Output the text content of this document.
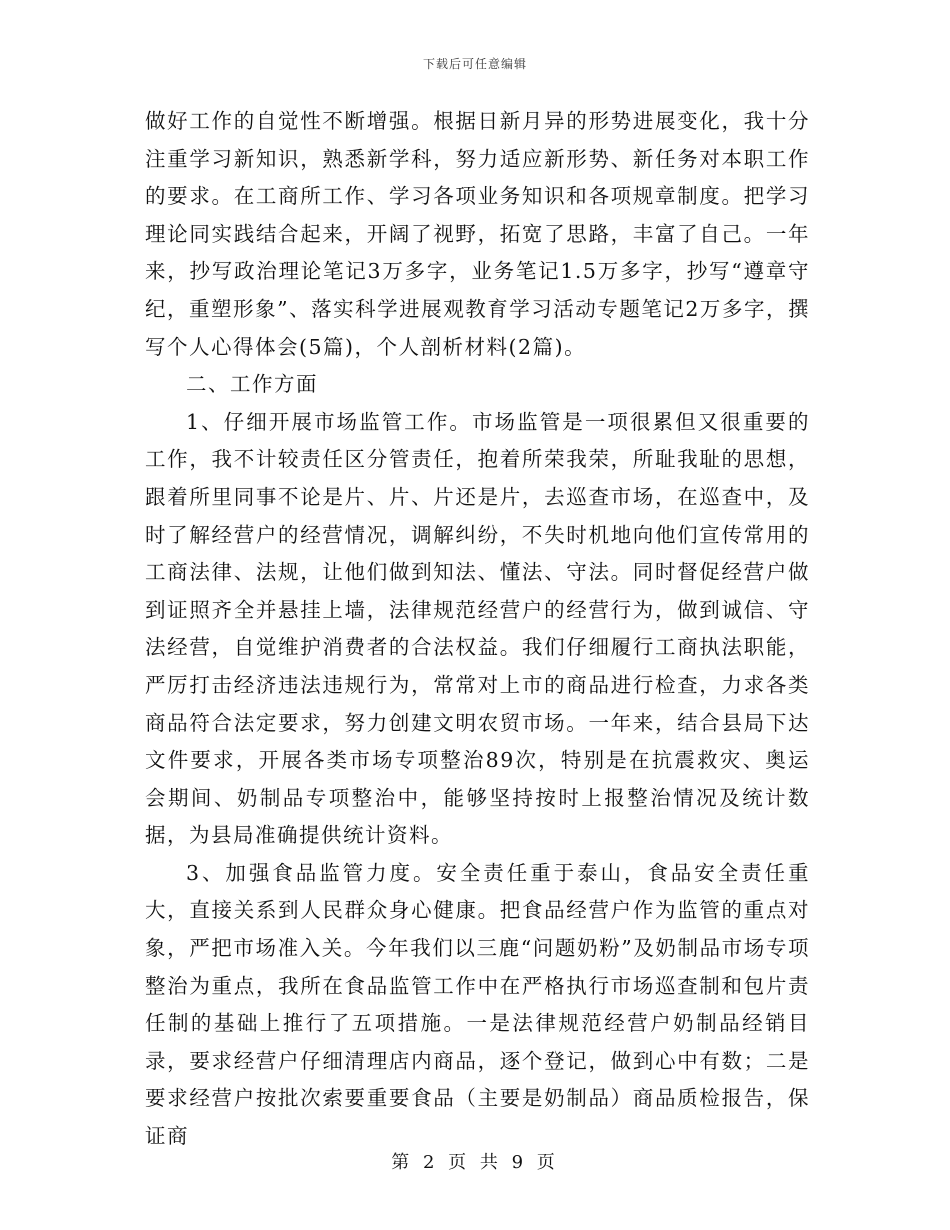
下载后可任意编辑

做好工作的自觉性不断增强。根据日新月异的形势进展变化，我十分注重学习新知识，熟悉新学科，努力适应新形势、新任务对本职工作的要求。在工商所工作、学习各项业务知识和各项规章制度。把学习理论同实践结合起来，开阔了视野，拓宽了思路，丰富了自己。一年来，抄写政治理论笔记3万多字，业务笔记1.5万多字，抄写“遵章守纪，重塑形象”、落实科学进展观教育学习活动专题笔记2万多字，撰写个人心得体会(5篇)，个人剖析材料(2篇)。

二、工作方面

1、仔细开展市场监管工作。市场监管是一项很累但又很重要的工作，我不计较责任区分管责任，抱着所荣我荣，所耻我耻的思想，跟着所里同事不论是片、片、片还是片，去巡查市场，在巡查中，及时了解经营户的经营情况，调解纠纷，不失时机地向他们宣传常用的工商法律、法规，让他们做到知法、懂法、守法。同时督促经营户做到证照齐全并悬挂上墙，法律规范经营户的经营行为，做到诚信、守法经营，自觉维护消费者的合法权益。我们仔细履行工商执法职能，严厉打击经济违法违规行为，常常对上市的商品进行检查，力求各类商品符合法定要求，努力创建文明农贸市场。一年来，结合县局下达文件要求，开展各类市场专项整治89次，特别是在抗震救灾、奥运会期间、奶制品专项整治中，能够坚持按时上报整治情况及统计数据，为县局准确提供统计资料。

3、加强食品监管力度。安全责任重于泰山，食品安全责任重大，直接关系到人民群众身心健康。把食品经营户作为监管的重点对象，严把市场准入关。今年我们以三鹿“问题奶粉”及奶制品市场专项整治为重点，我所在食品监管工作中在严格执行市场巡查制和包片责任制的基础上推行了五项措施。一是法律规范经营户奶制品经销目录，要求经营户仔细清理店内商品，逐个登记，做到心中有数；二是要求经营户按批次索要重要食品（主要是奶制品）商品质检报告，保证商

第 2 页 共 9 页
